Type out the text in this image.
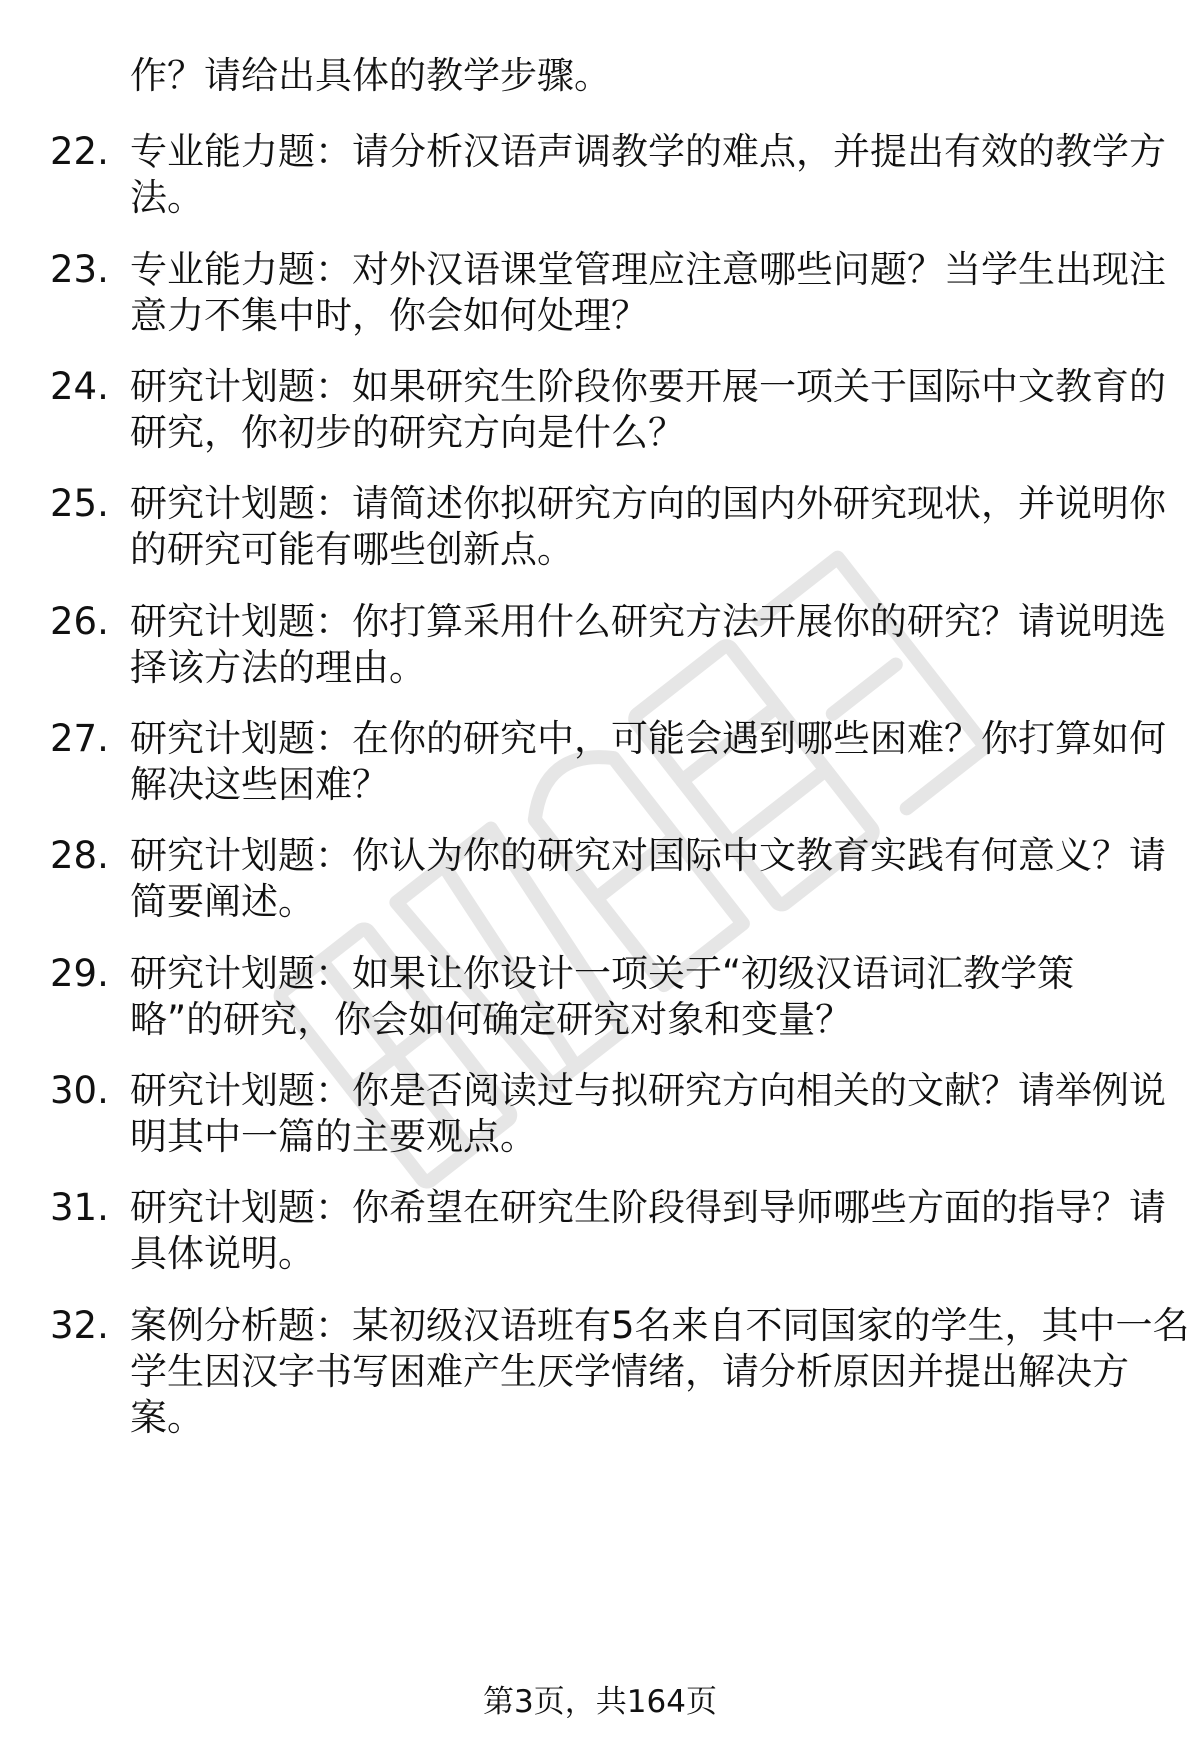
作？请给出具体的教学步骤。
22. 专业能力题：请分析汉语声调教学的难点，并提出有效的教学方
法。
23. 专业能力题：对外汉语课堂管理应注意哪些问题？当学生出现注
意力不集中时，你会如何处理？
24. 研究计划题：如果研究生阶段你要开展一项关于国际中文教育的
研究，你初步的研究方向是什么？
25. 研究计划题：请简述你拟研究方向的国内外研究现状，并说明你
的研究可能有哪些创新点。
26. 研究计划题：你打算采用什么研究方法开展你的研究？请说明选
择该方法的理由。
27. 研究计划题：在你的研究中，可能会遇到哪些困难？你打算如何
解决这些困难？
28. 研究计划题：你认为你的研究对国际中文教育实践有何意义？请
简要阐述。
29. 研究计划题：如果让你设计一项关于“初级汉语词汇教学策
略”的研究，你会如何确定研究对象和变量？
30. 研究计划题：你是否阅读过与拟研究方向相关的文献？请举例说
明其中一篇的主要观点。
31. 研究计划题：你希望在研究生阶段得到导师哪些方面的指导？请
具体说明。
32. 案例分析题：某初级汉语班有5名来自不同国家的学生，其中一名
学生因汉字书写困难产生厌学情绪，请分析原因并提出解决方
案。
第3页，共164页
